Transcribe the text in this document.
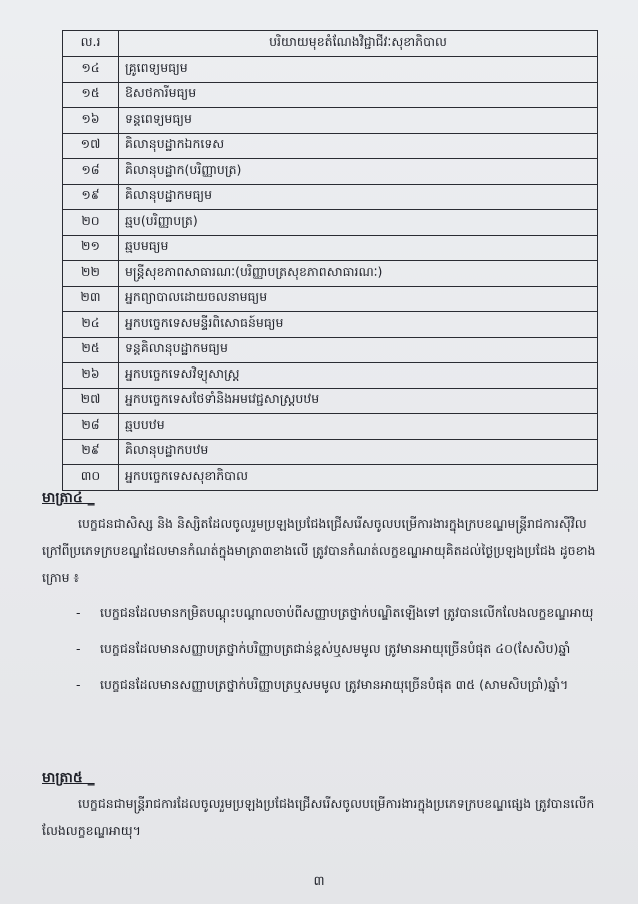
ល.រ	បរិយាយមុខតំណែងវិជ្ជាជីវៈសុខាភិបាល
១៤	គ្រូពេទ្យមធ្យម
១៥	ឱសថការីមធ្យម
១៦	ទន្តពេទ្យមធ្យម
១៧	គិលានុបដ្ឋាកឯកទេស
១៨	គិលានុបដ្ឋាក(បរិញ្ញាបត្រ)
១៩	គិលានុបដ្ឋាកមធ្យម
២០	ឆ្មប(បរិញ្ញាបត្រ)
២១	ឆ្មបមធ្យម
២២	មន្ត្រីសុខភាពសាធារណៈ(បរិញ្ញាបត្រសុខភាពសាធារណៈ)
២៣	អ្នកព្យាបាលដោយចលនាមធ្យម
២៤	អ្នកបច្ចេកទេសមន្ទីរពិសោធន៍មធ្យម
២៥	ទន្តគិលានុបដ្ឋាកមធ្យម
២៦	អ្នកបច្ចេកទេសវិទ្យុសាស្ត្រ
២៧	អ្នកបច្ចេកទេសថែទាំនិងអមវេជ្ជសាស្ត្របឋម
២៨	ឆ្មបបឋម
២៩	គិលានុបដ្ឋាកបឋម
៣០	អ្នកបច្ចេកទេសសុខាភិបាល
មាត្រា៤ _
បេក្ខជនជាសិស្ស និង និស្សិតដែលចូលរួមប្រឡងប្រជែងជ្រើសរើសចូលបម្រើការងារក្នុងក្របខណ្ឌមន្ត្រីរាជការស៊ីវិល ក្រៅពីប្រភេទក្របខណ្ឌដែលមានកំណត់ក្នុងមាត្រា៣ខាងលើ ត្រូវបានកំណត់លក្ខខណ្ឌអាយុគិតដល់ថ្ងៃប្រឡងប្រជែង ដូចខាងក្រោម ៖
- បេក្ខជនដែលមានកម្រិតបណ្តុះបណ្តាលចាប់ពីសញ្ញាបត្រថ្នាក់បណ្ឌិតឡើងទៅ ត្រូវបានលើកលែងលក្ខខណ្ឌអាយុ
- បេក្ខជនដែលមានសញ្ញាបត្រថ្នាក់បរិញ្ញាបត្រជាន់ខ្ពស់ឬសមមូល ត្រូវមានអាយុច្រើនបំផុត ៤០(សែសិប)ឆ្នាំ
- បេក្ខជនដែលមានសញ្ញាបត្រថ្នាក់បរិញ្ញាបត្រឬសមមូល ត្រូវមានអាយុច្រើនបំផុត ៣៥ (សាមសិបប្រាំ)ឆ្នាំ។
មាត្រា៥ _
បេក្ខជនជាមន្ត្រីរាជការដែលចូលរួមប្រឡងប្រជែងជ្រើសរើសចូលបម្រើការងារក្នុងប្រភេទក្របខណ្ឌផ្សេង ត្រូវបានលើកលែងលក្ខខណ្ឌអាយុ។
៣
